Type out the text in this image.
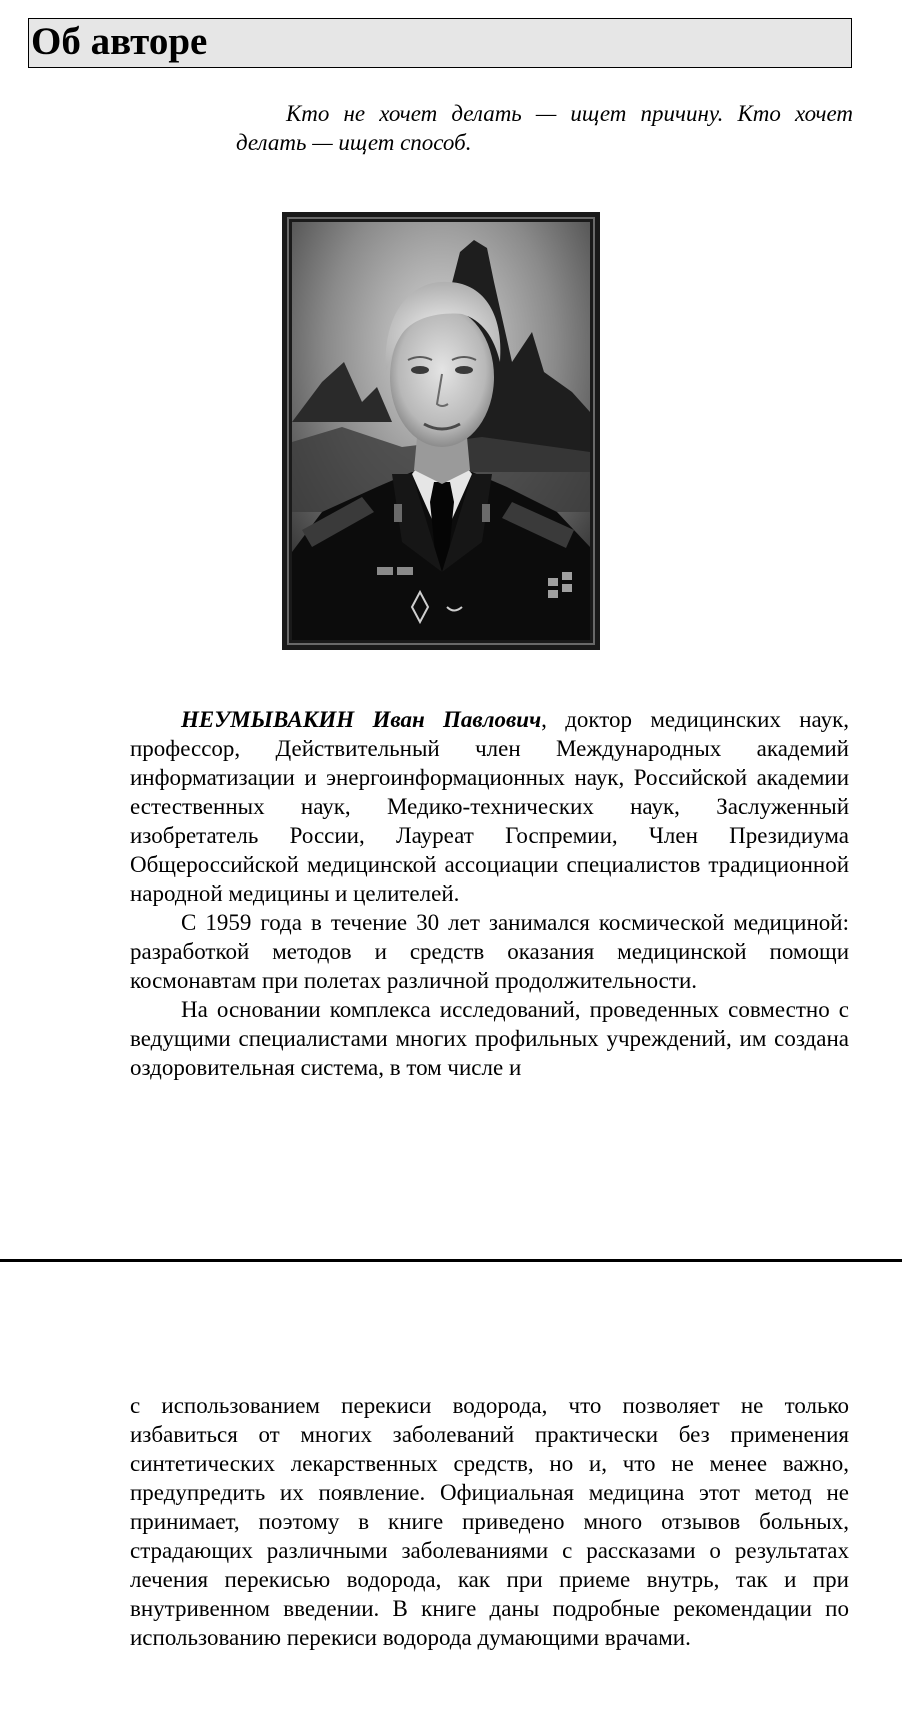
Об авторе

Кто не хочет делать — ищет причину. Кто хочет делать — ищет способ.

НЕУМЫВАКИН Иван Павлович, доктор медицинских наук, профессор, Действительный член Международных академий информатизации и энергоинформационных наук, Российской академии естественных наук, Медико-технических наук, Заслуженный изобретатель России, Лауреат Госпремии, Член Президиума Общероссийской медицинской ассоциации специалистов традиционной народной медицины и целителей.

С 1959 года в течение 30 лет занимался космической медициной: разработкой методов и средств оказания медицинской помощи космонавтам при полетах различной продолжительности.

На основании комплекса исследований, проведенных совместно с ведущими специалистами многих профильных учреждений, им создана оздоровительная система, в том числе и

с использованием перекиси водорода, что позволяет не только избавиться от многих заболеваний практически без применения синтетических лекарственных средств, но и, что не менее важно, предупредить их появление. Официальная медицина этот метод не принимает, поэтому в книге приведено много отзывов больных, страдающих различными заболеваниями с рассказами о результатах лечения перекисью водорода, как при приеме внутрь, так и при внутривенном введении. В книге даны подробные рекомендации по использованию перекиси водорода думающими врачами.
